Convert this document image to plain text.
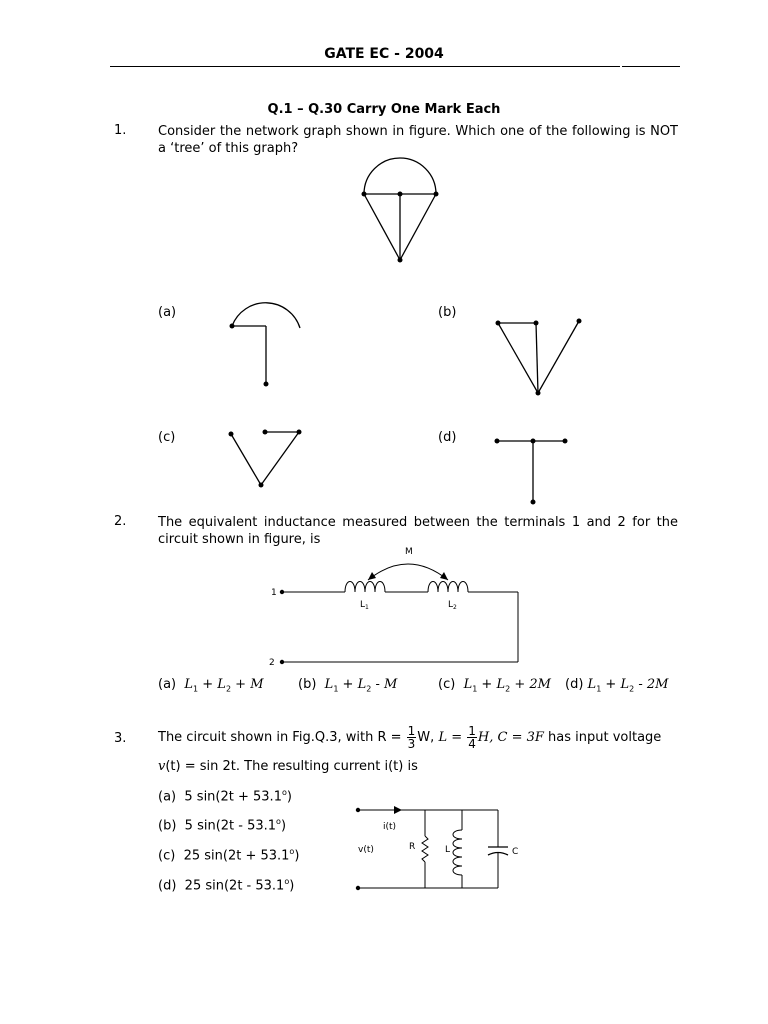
GATE EC - 2004
Q.1 – Q.30 Carry One Mark Each
1. Consider the network graph shown in figure. Which one of the following is NOT a ‘tree’ of this graph?
(a)	(b)
(c)	(d)
2. The equivalent inductance measured between the terminals 1 and 2 for the circuit shown in figure, is
M
1
2
$L_1$	$L_2$
(a) $L_1 + L_2 + M$	(b) $L_1 + L_2 - M$	(c) $L_1 + L_2 + 2M$ (d) $L_1 + L_2 - 2M$
3. The circuit shown in Fig.Q.3, with $R = \frac{1}{3} W$, $L = \frac{1}{4} H$, C = 3F has input voltage
v(t) = sin 2t. The resulting current i(t) is
(a) 5 $\sin(2t + 53.1^o)$
(b) 5 sin(2t - 53.1$^o$)
(c) 25 $\sin(2t + 53.1^o)$
(d) 25 sin(2t - 53.1$^o$)
i(t)
v(t)	R	L	C
